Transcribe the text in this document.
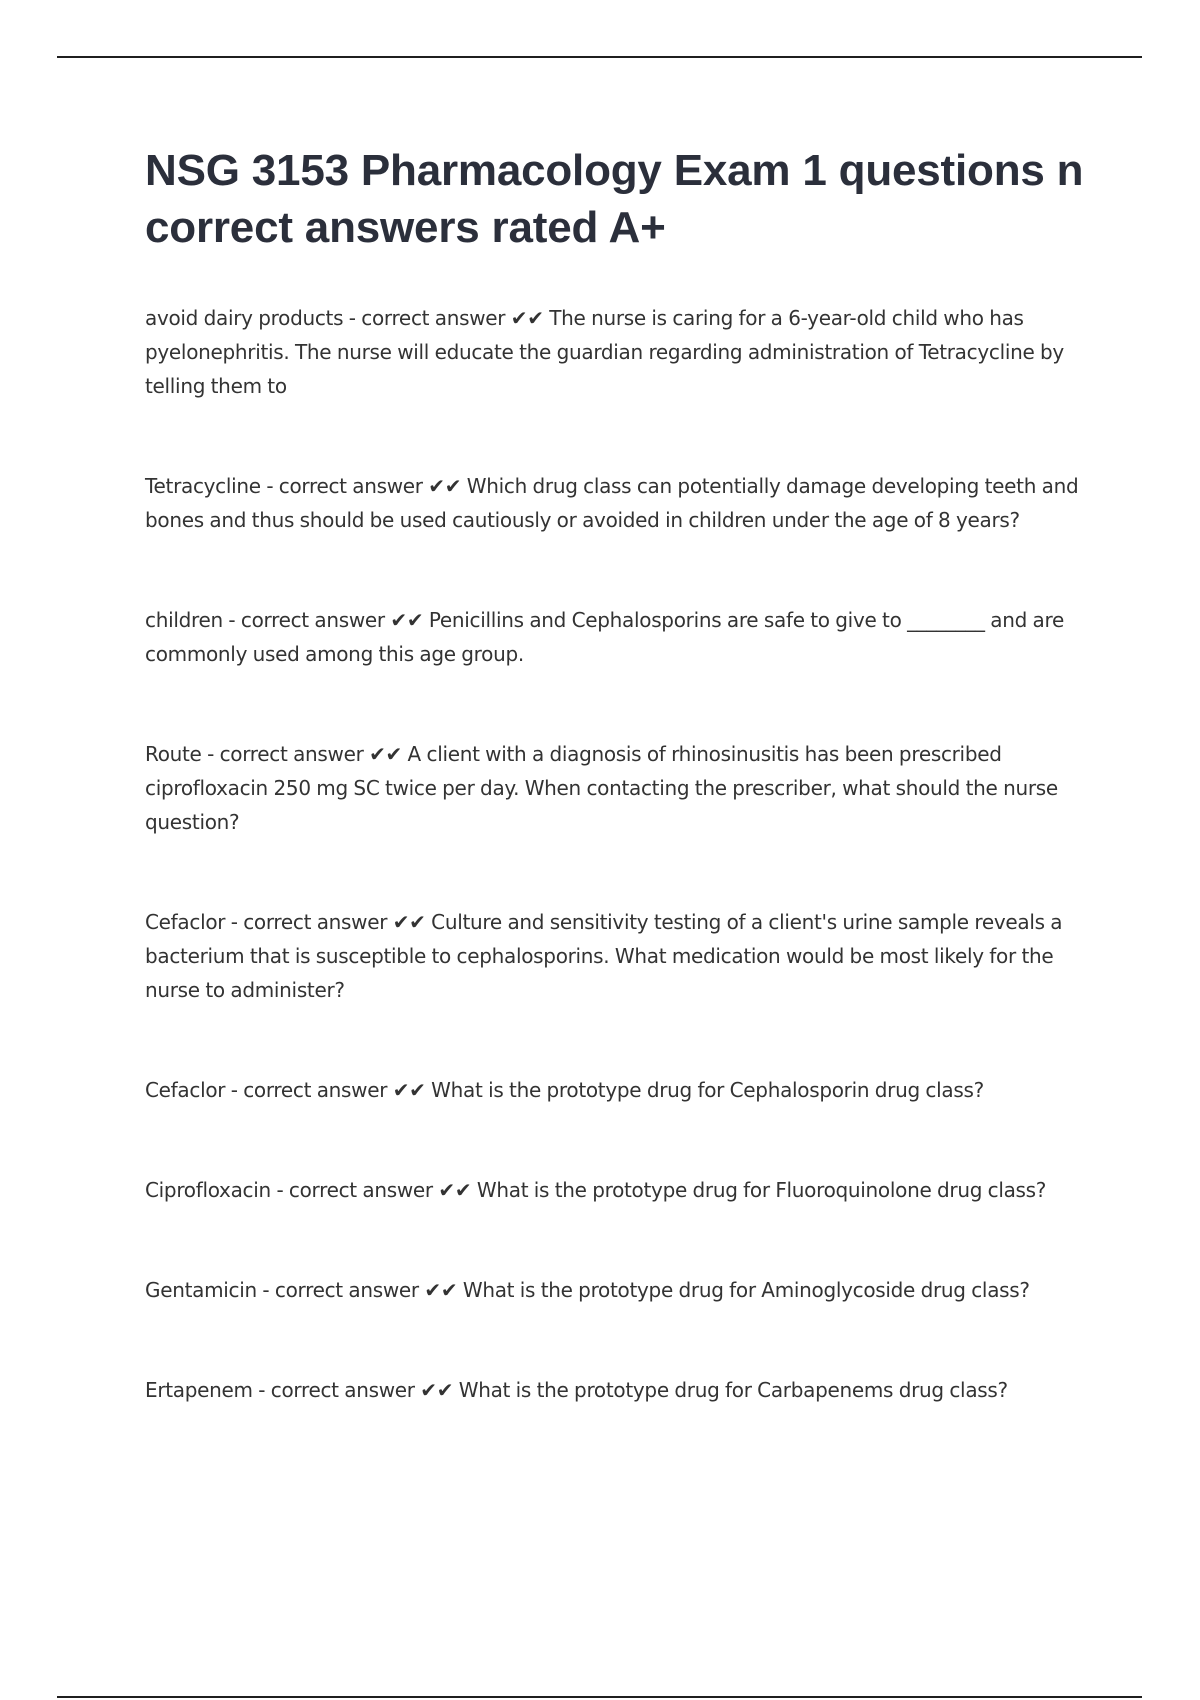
NSG 3153 Pharmacology Exam 1 questions n correct answers rated A+
avoid dairy products - correct answer ✔✔ The nurse is caring for a 6-year-old child who has pyelonephritis. The nurse will educate the guardian regarding administration of Tetracycline by telling them to
Tetracycline - correct answer ✔✔ Which drug class can potentially damage developing teeth and bones and thus should be used cautiously or avoided in children under the age of 8 years?
children - correct answer ✔✔ Penicillins and Cephalosporins are safe to give to ________ and are commonly used among this age group.
Route - correct answer ✔✔ A client with a diagnosis of rhinosinusitis has been prescribed ciprofloxacin 250 mg SC twice per day. When contacting the prescriber, what should the nurse question?
Cefaclor - correct answer ✔✔ Culture and sensitivity testing of a client's urine sample reveals a bacterium that is susceptible to cephalosporins. What medication would be most likely for the nurse to administer?
Cefaclor - correct answer ✔✔ What is the prototype drug for Cephalosporin drug class?
Ciprofloxacin - correct answer ✔✔ What is the prototype drug for Fluoroquinolone drug class?
Gentamicin - correct answer ✔✔ What is the prototype drug for Aminoglycoside drug class?
Ertapenem - correct answer ✔✔ What is the prototype drug for Carbapenems drug class?
